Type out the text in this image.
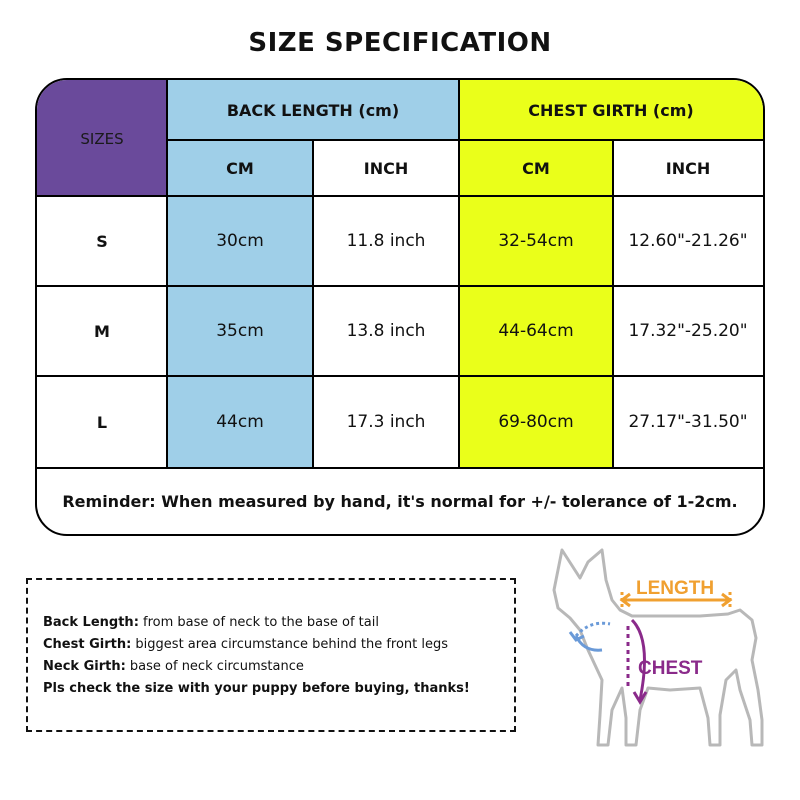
SIZE SPECIFICATION
SIZES
BACK LENGTH (cm)	CHEST GIRTH (cm)
CM	INCH	CM	INCH
S	30cm	11.8 inch	32-54cm	12.60"-21.26"
M	35cm	13.8 inch	44-64cm	17.32"-25.20"
L	44cm	17.3 inch	69-80cm	27.17"-31.50"
Reminder: When measured by hand, it's normal for +/- tolerance of 1-2cm.
Back Length: from base of neck to the base of tail
Chest Girth: biggest area circumstance behind the front legs
Neck Girth: base of neck circumstance
Pls check the size with your puppy before buying, thanks!
LENGTH
CHEST
